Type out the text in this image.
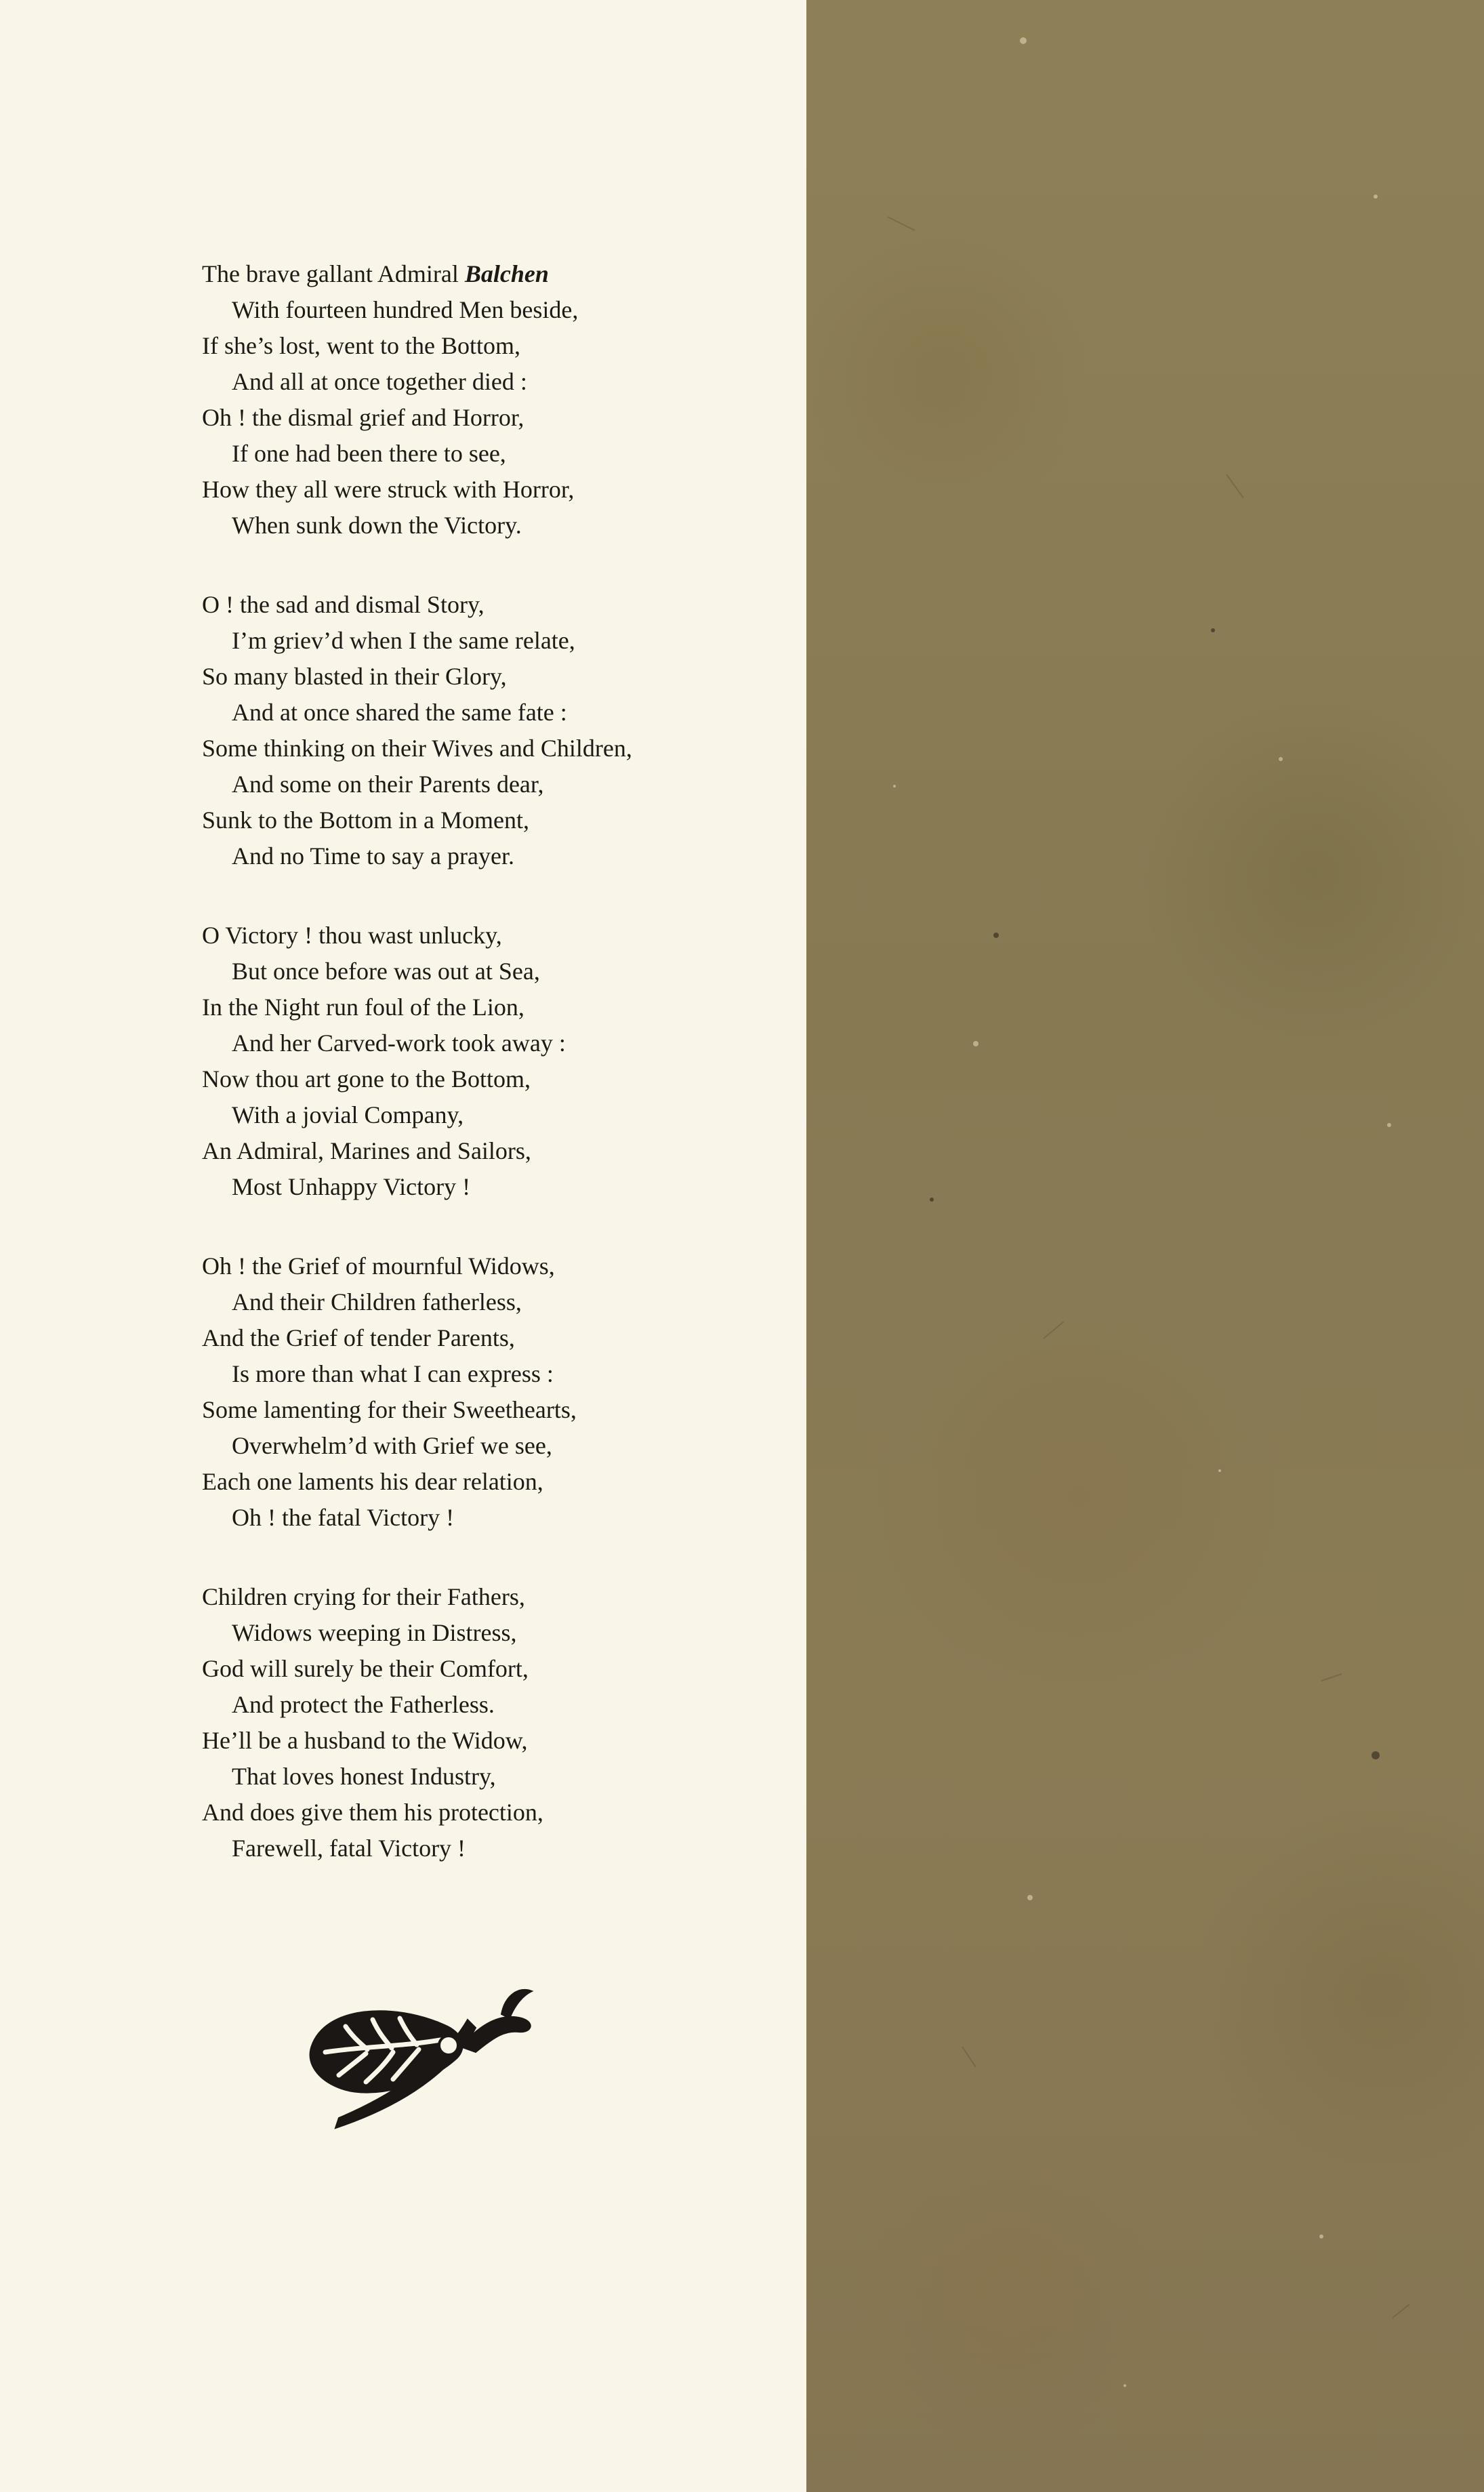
The brave gallant Admiral Balchen
With fourteen hundred Men beside,
If she’s lost, went to the Bottom,
And all at once together died :
Oh ! the dismal grief and Horror,
If one had been there to see,
How they all were struck with Horror,
When sunk down the Victory.
O ! the sad and dismal Story,
I’m griev’d when I the same relate,
So many blasted in their Glory,
And at once shared the same fate :
Some thinking on their Wives and Children,
And some on their Parents dear,
Sunk to the Bottom in a Moment,
And no Time to say a prayer.
O Victory ! thou wast unlucky,
But once before was out at Sea,
In the Night run foul of the Lion,
And her Carved-work took away :
Now thou art gone to the Bottom,
With a jovial Company,
An Admiral, Marines and Sailors,
Most Unhappy Victory !
Oh ! the Grief of mournful Widows,
And their Children fatherless,
And the Grief of tender Parents,
Is more than what I can express :
Some lamenting for their Sweethearts,
Overwhelm’d with Grief we see,
Each one laments his dear relation,
Oh ! the fatal Victory !
Children crying for their Fathers,
Widows weeping in Distress,
God will surely be their Comfort,
And protect the Fatherless.
He’ll be a husband to the Widow,
That loves honest Industry,
And does give them his protection,
Farewell, fatal Victory !
